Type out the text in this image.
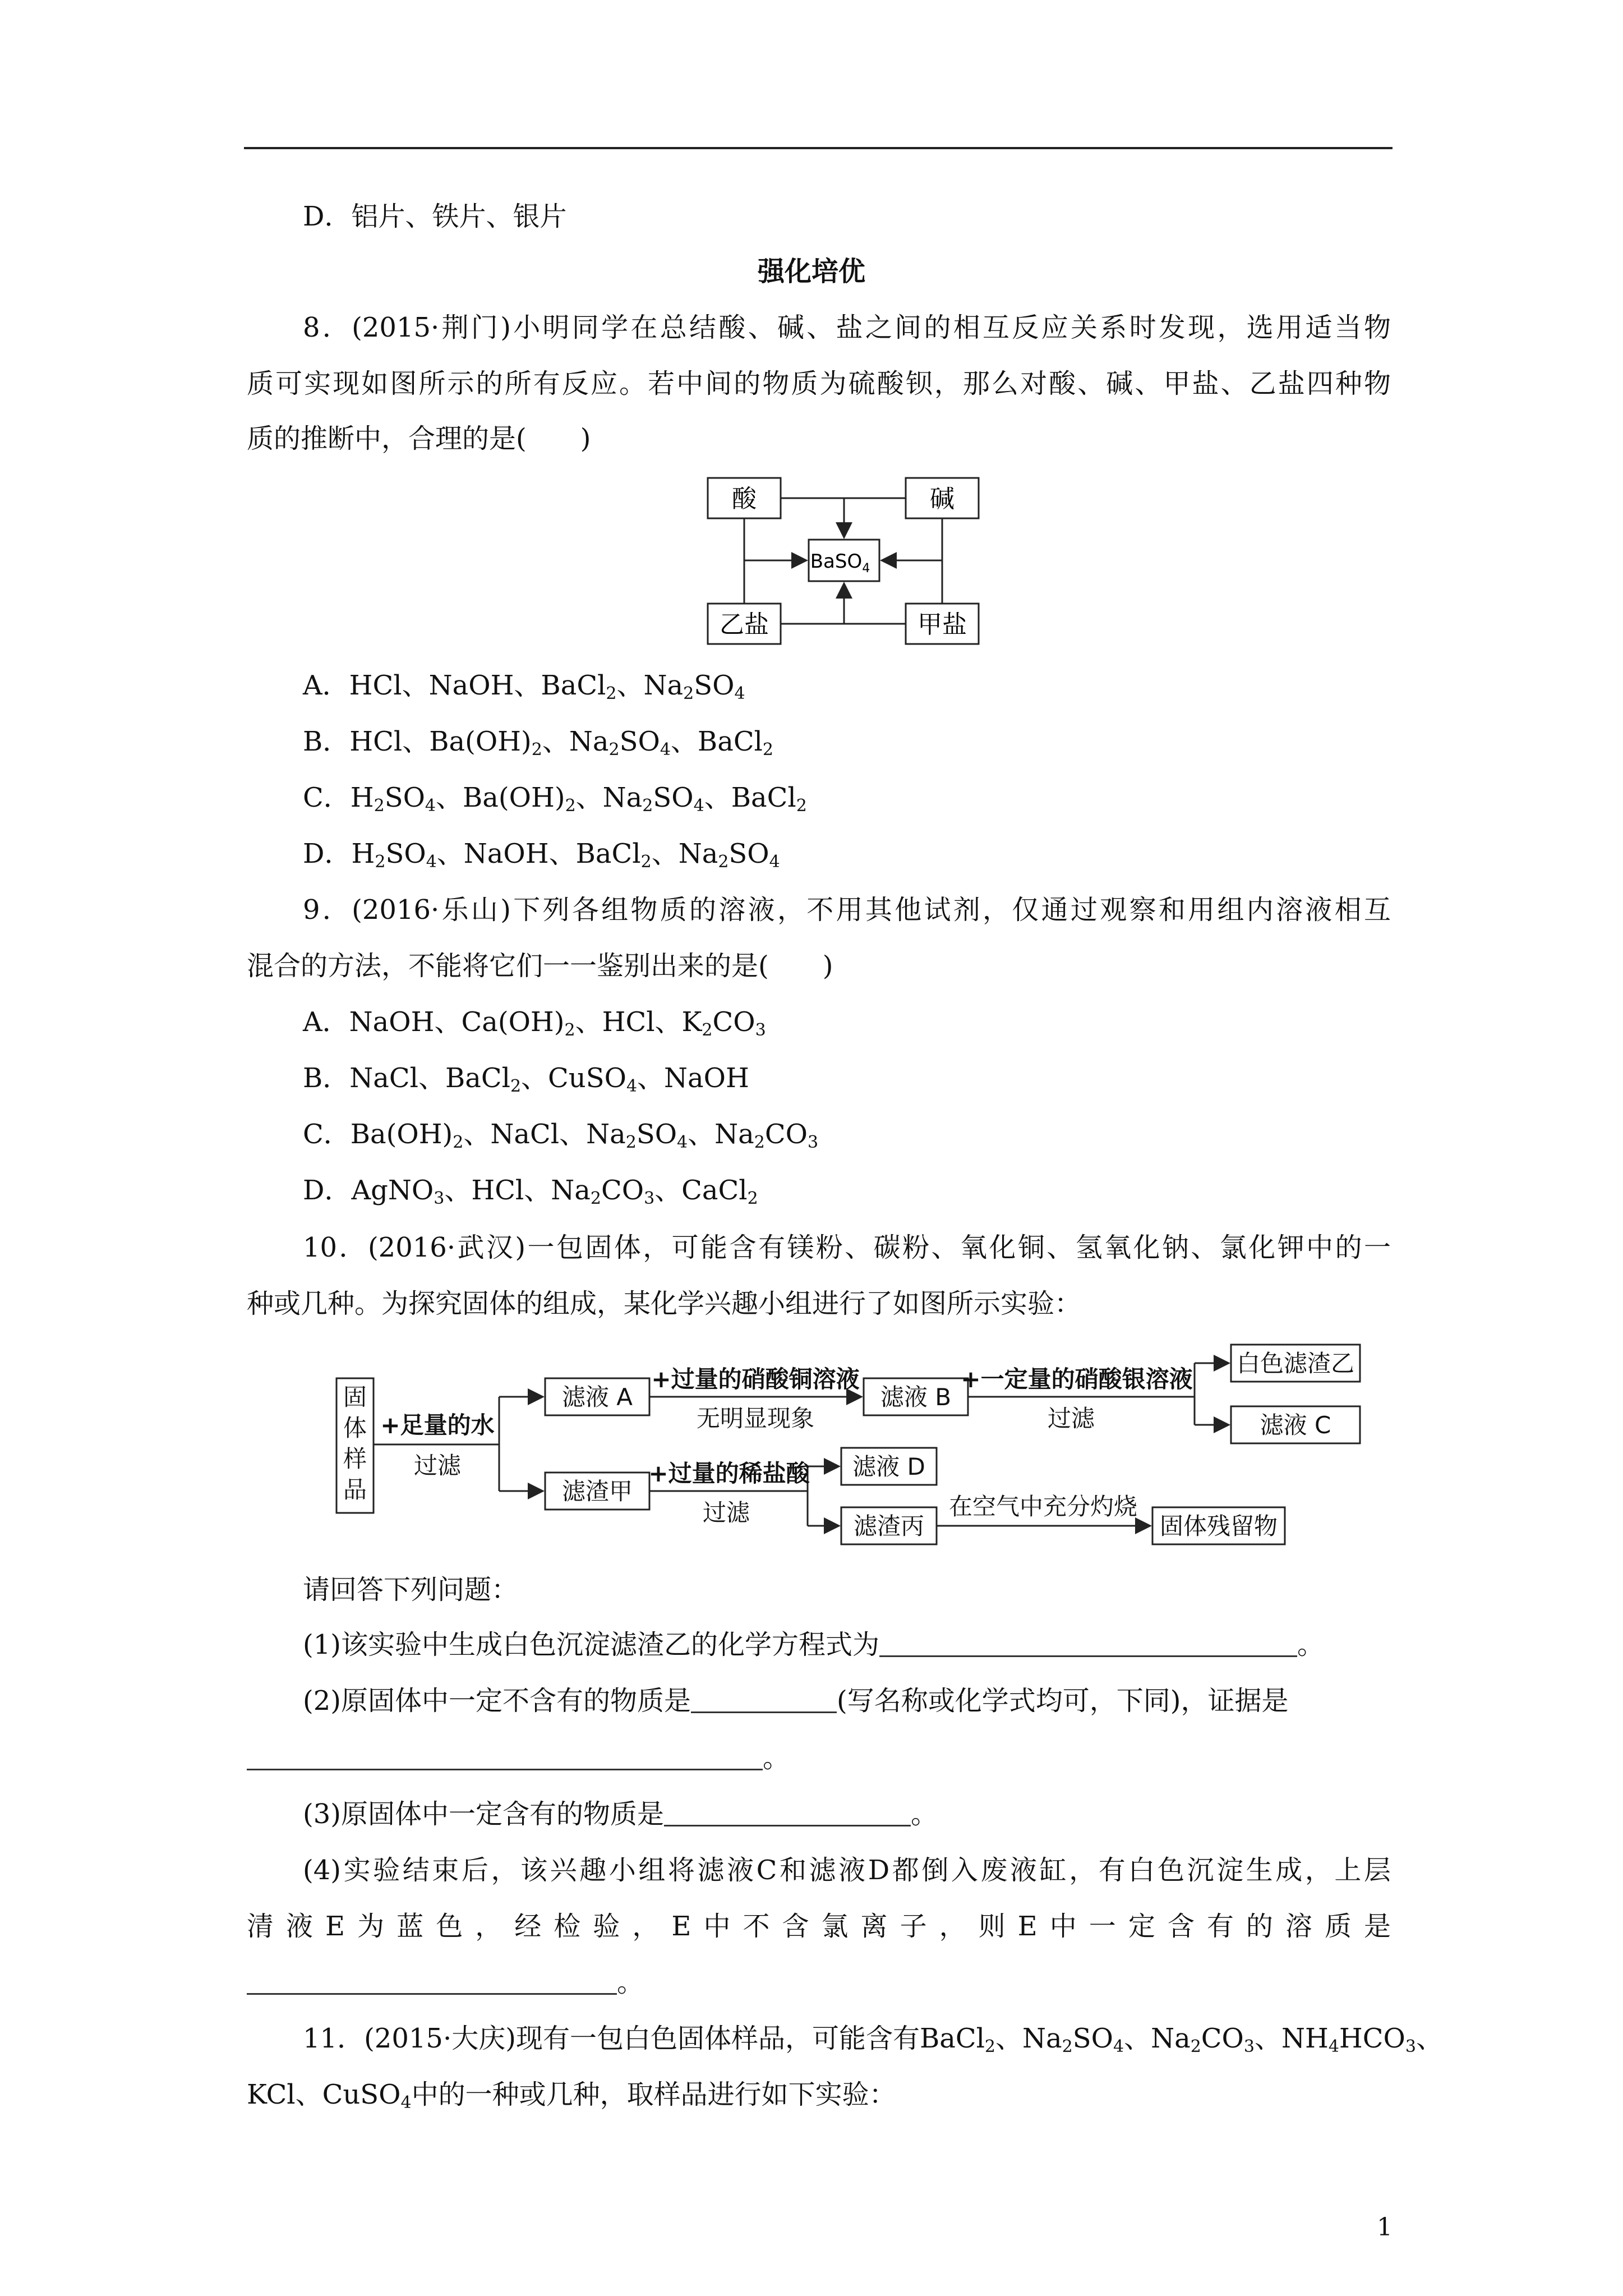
D．铝片、铁片、银片
强化培优
8．(2015·荆门)小明同学在总结酸、碱、盐之间的相互反应关系时发现，选用适当物
质可实现如图所示的所有反应。若中间的物质为硫酸钡，那么对酸、碱、甲盐、乙盐四种物
质的推断中，合理的是(　　)
酸	碱
乙盐	甲盐
BaSO$_4$
A．HCl、NaOH、BaCl$_2$、$Na_2SO_4$
B．HCl、$Ba(OH)_2$、$Na_2SO_4$、BaCl$_2$
C．$H_2SO_4$、$Ba(OH)_2$、$Na_2SO_4$、BaCl$_2$
D．$H_2SO_4$、NaOH、BaCl$_2$、$Na_2SO_4$
9．(2016·乐山)下列各组物质的溶液，不用其他试剂，仅通过观察和用组内溶液相互
混合的方法，不能将它们一一鉴别出来的是(　　)
A．NaOH、$Ca(OH)_2$、HCl、$K_2CO_3$
B．NaCl、BaCl$_2$、CuSO$_4$、NaOH
C．$Ba(OH)_2$、NaCl、$Na_2SO_4$、$Na_2CO_3$
D．AgNO$_3$、HCl、$Na_2CO_3$、CaCl$_2$
10．(2016·武汉)一包固体，可能含有镁粉、碳粉、氧化铜、氢氧化钠、氯化钾中的一
种或几种。为探究固体的组成，某化学兴趣小组进行了如图所示实验：
固
体
样
品
+足量的水
过滤
滤液 A
+过量的硝酸铜溶液
无明显现象
滤液 B
+一定量的硝酸银溶液
过滤
白色滤渣乙
滤液 C
滤渣甲
+过量的稀盐酸
过滤
滤液 D
滤渣丙
在空气中充分灼烧
固体残留物
请回答下列问题：
(1)该实验中生成白色沉淀滤渣乙的化学方程式为	。
(2)原固体中一定不含有的物质是	(写名称或化学式均可，下同)，证据是
。
(3)原固体中一定含有的物质是	。
(4)实验结束后，该兴趣小组将滤液C和滤液D都倒入废液缸，有白色沉淀生成，上层
清液E为蓝色，经检验，E中不含氯离子，则E中一定含有的溶质是
。
11．(2015·大庆)现有一包白色固体样品，可能含有BaCl$_2$、$Na_2SO_4$、$Na_2CO_3$、$NH_4HCO_3$、
KCl、CuSO$_4$中的一种或几种，取样品进行如下实验：
1
